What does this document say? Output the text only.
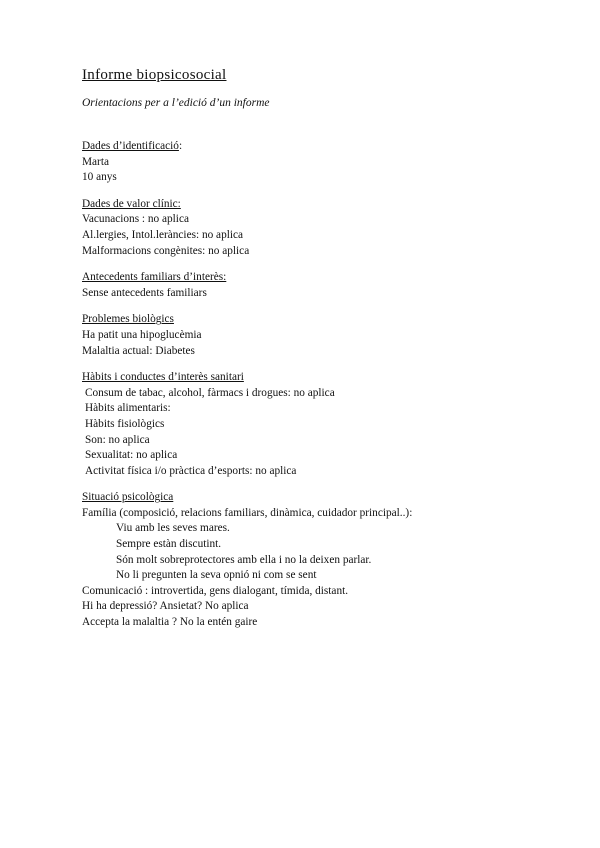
Informe biopsicosocial

Orientacions per a l’edició d’un informe

Dades d’identificació:
Marta
10 anys
Dades de valor clínic:
Vacunacions : no aplica
Al.lergies, Intol.leràncies: no aplica
Malformacions congènites: no aplica
Antecedents familiars d’interès:
Sense antecedents familiars
Problemes biològics
Ha patit una hipoglucèmia
Malaltia actual: Diabetes
Hàbits i conductes d’interès sanitari
Consum de tabac, alcohol, fàrmacs i drogues: no aplica
Hàbits alimentaris:
Hàbits fisiològics
Son: no aplica
Sexualitat: no aplica
Activitat física i/o pràctica d’esports: no aplica
Situació psicològica
Família (composició, relacions familiars, dinàmica, cuidador principal..):
Viu amb les seves mares.
Sempre estàn discutint.
Són molt sobreprotectores amb ella i no la deixen parlar.
No li pregunten la seva opnió ni com se sent
Comunicació : introvertida, gens dialogant, tímida, distant.
Hi ha depressió? Ansietat? No aplica
Accepta la malaltia ? No la entén gaire
